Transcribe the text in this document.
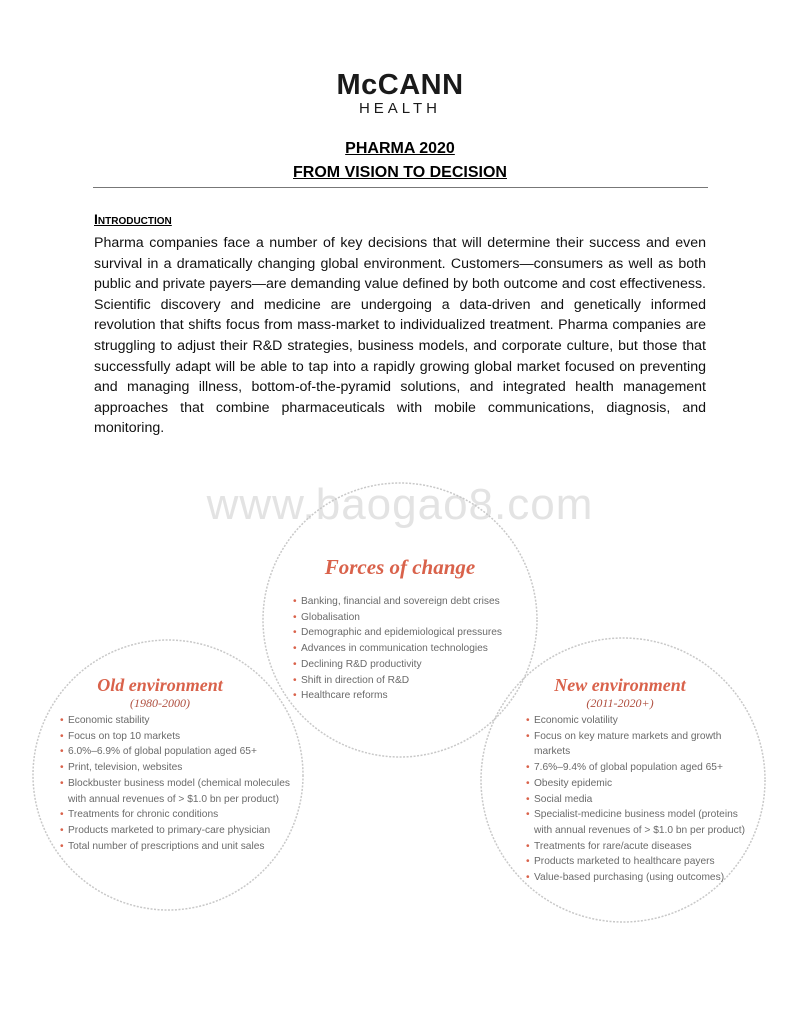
McCANN
HEALTH
PHARMA 2020
FROM VISION TO DECISION
Introduction
Pharma companies face a number of key decisions that will determine their success and even survival in a dramatically changing global environment. Customers—consumers as well as both public and private payers—are demanding value defined by both outcome and cost effectiveness. Scientific discovery and medicine are undergoing a data-driven and genetically informed revolution that shifts focus from mass-market to individualized treatment. Pharma companies are struggling to adjust their R&D strategies, business models, and corporate culture, but those that successfully adapt will be able to tap into a rapidly growing global market focused on preventing and managing illness, bottom-of-the-pyramid solutions, and integrated health management approaches that combine pharmaceuticals with mobile communications, diagnosis, and monitoring.
www.baogao8.com
Forces of change
• Banking, financial and sovereign debt crises
• Globalisation
• Demographic and epidemiological pressures
• Advances in communication technologies
• Declining R&D productivity
• Shift in direction of R&D
• Healthcare reforms
Old environment
(1980-2000)
• Economic stability
• Focus on top 10 markets
• 6.0%–6.9% of global population aged 65+
• Print, television, websites
• Blockbuster business model (chemical molecules with annual revenues of > $1.0 bn per product)
• Treatments for chronic conditions
• Products marketed to primary-care physician
• Total number of prescriptions and unit sales
New environment
(2011-2020+)
• Economic volatility
• Focus on key mature markets and growth markets
• 7.6%–9.4% of global population aged 65+
• Obesity epidemic
• Social media
• Specialist-medicine business model (proteins with annual revenues of > $1.0 bn per product)
• Treatments for rare/acute diseases
• Products marketed to healthcare payers
• Value-based purchasing (using outcomes)
